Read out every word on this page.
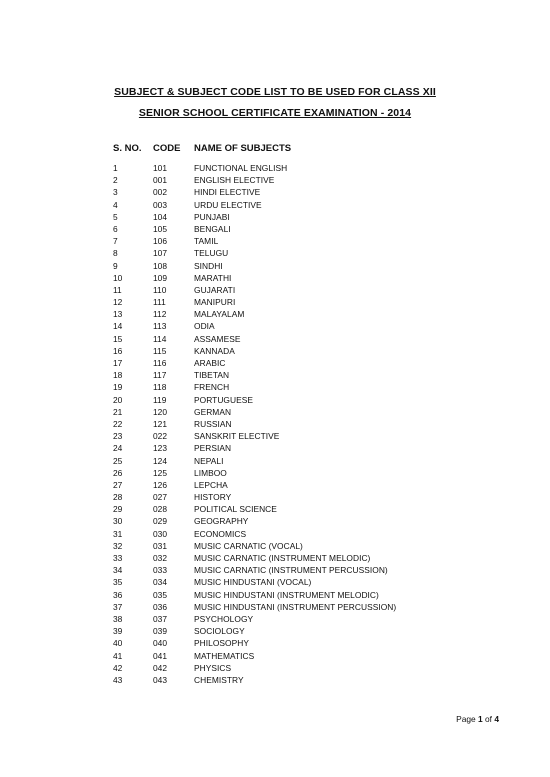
SUBJECT & SUBJECT CODE LIST TO BE USED FOR CLASS XII
SENIOR SCHOOL CERTIFICATE EXAMINATION - 2014
S. NO. CODE NAME OF SUBJECTS
1	101	FUNCTIONAL ENGLISH
2	001	ENGLISH ELECTIVE
3	002	HINDI ELECTIVE
4	003	URDU ELECTIVE
5	104	PUNJABI
6	105	BENGALI
7	106	TAMIL
8	107	TELUGU
9	108	SINDHI
10	109	MARATHI
11	110	GUJARATI
12	111	MANIPURI
13	112	MALAYALAM
14	113	ODIA
15	114	ASSAMESE
16	115	KANNADA
17	116	ARABIC
18	117	TIBETAN
19	118	FRENCH
20	119	PORTUGUESE
21	120	GERMAN
22	121	RUSSIAN
23	022	SANSKRIT ELECTIVE
24	123	PERSIAN
25	124	NEPALI
26	125	LIMBOO
27	126	LEPCHA
28	027	HISTORY
29	028	POLITICAL SCIENCE
30	029	GEOGRAPHY
31	030	ECONOMICS
32	031	MUSIC CARNATIC (VOCAL)
33	032	MUSIC CARNATIC (INSTRUMENT MELODIC)
34	033	MUSIC CARNATIC (INSTRUMENT PERCUSSION)
35	034	MUSIC HINDUSTANI (VOCAL)
36	035	MUSIC HINDUSTANI (INSTRUMENT MELODIC)
37	036	MUSIC HINDUSTANI (INSTRUMENT PERCUSSION)
38	037	PSYCHOLOGY
39	039	SOCIOLOGY
40	040	PHILOSOPHY
41	041	MATHEMATICS
42	042	PHYSICS
43	043	CHEMISTRY
Page 1 of 4
